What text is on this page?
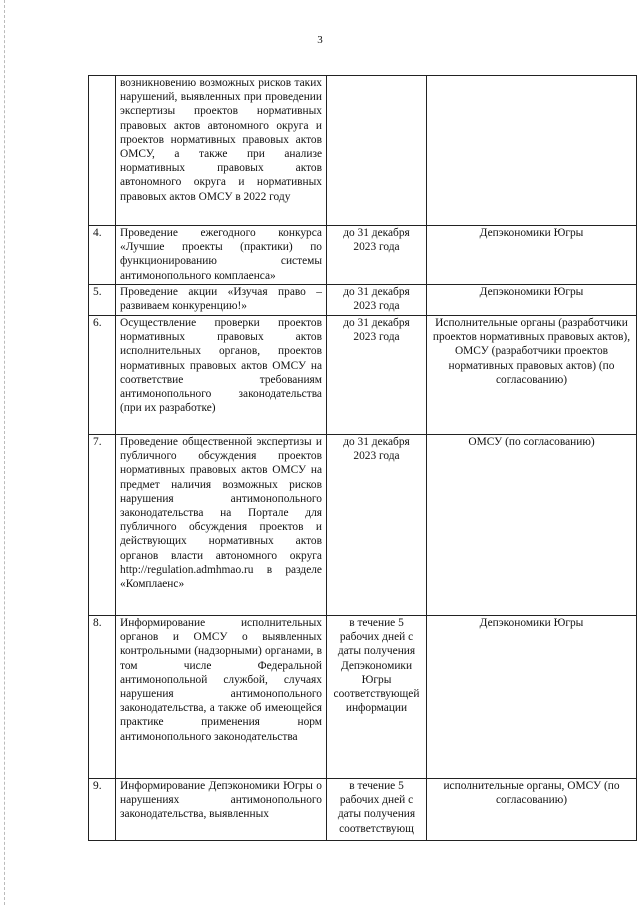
3
	возникновению возможных рисков таких нарушений, выявленных при проведении экспертизы проектов нормативных правовых актов автономного округа и проектов нормативных правовых актов ОМСУ, а также при анализе нормативных правовых актов автономного округа и нормативных правовых актов ОМСУ в 2022 году		
4.	Проведение ежегодного конкурса «Лучшие проекты (практики) по функционированию системы антимонопольного комплаенса»	до 31 декабря 2023 года	Депэкономики Югры
5.	Проведение акции «Изучая право – развиваем конкуренцию!»	до 31 декабря 2023 года	Депэкономики Югры
6.	Осуществление проверки проектов нормативных правовых актов исполнительных органов, проектов нормативных правовых актов ОМСУ на соответствие требованиям антимонопольного законодательства (при их разработке)	до 31 декабря 2023 года	Исполнительные органы (разработчики проектов нормативных правовых актов), ОМСУ (разработчики проектов нормативных правовых актов) (по согласованию)
7.	Проведение общественной экспертизы и публичного обсуждения проектов нормативных правовых актов ОМСУ на предмет наличия возможных рисков нарушения антимонопольного законодательства на Портале для публичного обсуждения проектов и действующих нормативных актов органов власти автономного округа http://regulation.admhmao.ru в разделе «Комплаенс»	до 31 декабря 2023 года	ОМСУ (по согласованию)
8.	Информирование исполнительных органов и ОМСУ о выявленных контрольными (надзорными) органами, в том числе Федеральной антимонопольной службой, случаях нарушения антимонопольного законодательства, а также об имеющейся практике применения норм антимонопольного законодательства	в течение 5 рабочих дней с даты получения Депэкономики Югры соответствующей информации	Депэкономики Югры
9.	Информирование Депэкономики Югры о нарушениях антимонопольного законодательства, выявленных	в течение 5 рабочих дней с даты получения соответствующ	исполнительные органы, ОМСУ (по согласованию)
